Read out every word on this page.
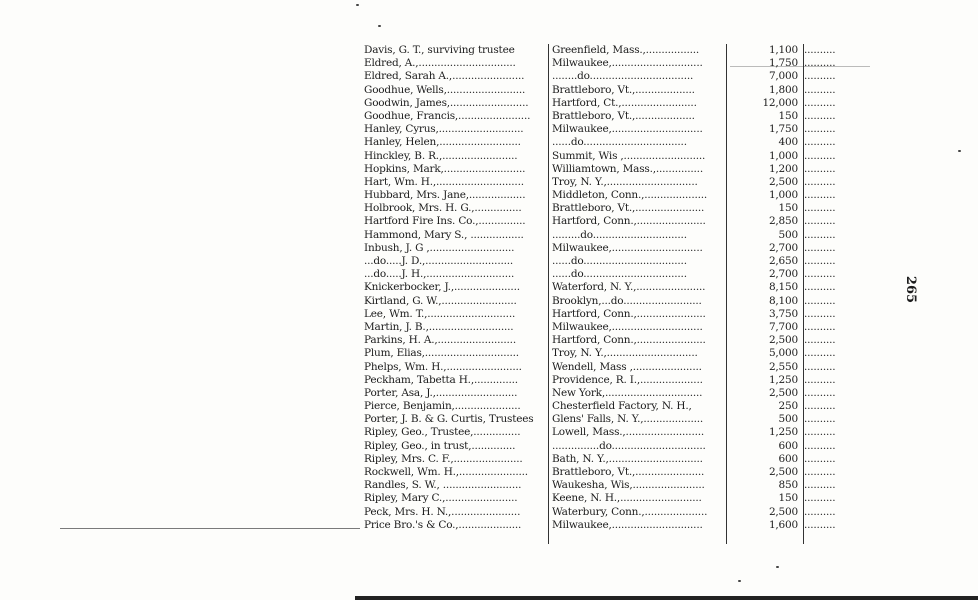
Davis, G. T., surviving trustee	Greenfield, Mass.,.................	1,100 ..........
Eldred, A.,...............................	Milwaukee,.............................	1,750 ..........
Eldred, Sarah A.,.......................	........do.................................	7,000 ..........
Goodhue, Wells,.........................	Brattleboro, Vt.,...................	1,800 ..........
Goodwin, James,.........................	Hartford, Ct.,........................	12,000 ..........
Goodhue, Francis,.......................	Brattleboro, Vt.,...................	150 ..........
Hanley, Cyrus,...........................	Milwaukee,.............................	1,750 ..........
Hanley, Helen,..........................	......do.................................	400 ..........
Hinckley, B. R.,........................	Summit, Wis ,..........................	1,000 ..........
Hopkins, Mark,..........................	Williamtown, Mass.,...............	1,200 ..........
Hart, Wm. H.,............................	Troy, N. Y.,.............................	2,500 ..........
Hubbard, Mrs. Jane,..................	Middleton, Conn.,....................	1,000 ..........
Holbrook, Mrs. H. G.,...............	Brattleboro, Vt.,......................	150 ..........
Hartford Fire Ins. Co.,...............	Hartford, Conn.,......................	2,850 ..........
Hammond, Mary S., .................	.........do..............................	500 ..........
Inbush, J. G ,...........................	Milwaukee,.............................	2,700 ..........
...do.....J. D.,............................	......do.................................	2,650 ..........
...do.....J. H.,............................	......do.................................	2,700 ..........
Knickerbocker, J.,.....................	Waterford, N. Y.,......................	8,150 ..........
Kirtland, G. W.,........................	Brooklyn,...do.........................	8,100 ..........
Lee, Wm. T.,............................	Hartford, Conn.,......................	3,750 ..........
Martin, J. B.,...........................	Milwaukee,.............................	7,700 ..........
Parkins, H. A.,.........................	Hartford, Conn.,......................	2,500 ..........
Plum, Elias,..............................	Troy, N. Y.,.............................	5,000 ..........
Phelps, Wm. H.,........................	Wendell, Mass ,......................	2,550 ..........
Peckham, Tabetta H.,..............	Providence, R. I.,....................	1,250 ..........
Porter, Asa, J.,..........................	New York,...............................	2,500 ..........
Pierce, Benjamin,.....................	Chesterfield Factory, N. H.,	250 ..........
Porter, J. B. & G. Curtis, Trustees	Glens' Falls, N. Y.,...................	500 ..........
Ripley, Geo., Trustee,...............	Lowell, Mass.,.........................	1,250 ..........
Ripley, Geo., in trust,..............	...............do..............................	600 ..........
Ripley, Mrs. C. F.,......................	Bath, N. Y.,..............................	600 ..........
Rockwell, Wm. H.,......................	Brattleboro, Vt.,......................	2,500 ..........
Randles, S. W., .........................	Waukesha, Wis,.......................	850 ..........
Ripley, Mary C.,.......................	Keene, N. H.,..........................	150 ..........
Peck, Mrs. H. N.,......................	Waterbury, Conn.,....................	2,500 ..........
Price Bro.'s & Co.,....................	Milwaukee,.............................	1,600 ..........
265
